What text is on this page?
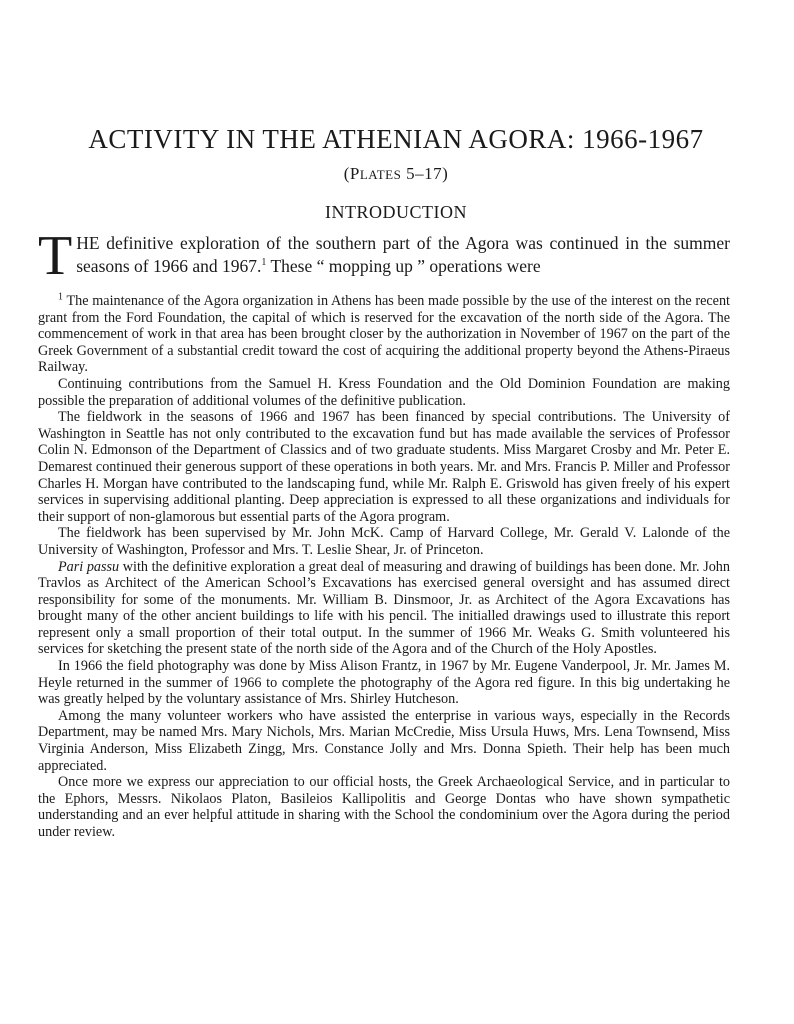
ACTIVITY IN THE ATHENIAN AGORA: 1966-1967
(PLATES 5–17)
INTRODUCTION
THE definitive exploration of the southern part of the Agora was continued in the summer seasons of 1966 and 1967.$^1$ These “ mopping up ” operations were

$^1$ The maintenance of the Agora organization in Athens has been made possible by the use of the interest on the recent grant from the Ford Foundation, the capital of which is reserved for the excavation of the north side of the Agora. The commencement of work in that area has been brought closer by the authorization in November of 1967 on the part of the Greek Government of a substantial credit toward the cost of acquiring the additional property beyond the Athens-Piraeus Railway.

Continuing contributions from the Samuel H. Kress Foundation and the Old Dominion Foundation are making possible the preparation of additional volumes of the definitive publication.

The fieldwork in the seasons of 1966 and 1967 has been financed by special contributions. The University of Washington in Seattle has not only contributed to the excavation fund but has made available the services of Professor Colin N. Edmonson of the Department of Classics and of two graduate students. Miss Margaret Crosby and Mr. Peter E. Demarest continued their generous support of these operations in both years. Mr. and Mrs. Francis P. Miller and Professor Charles H. Morgan have contributed to the landscaping fund, while Mr. Ralph E. Griswold has given freely of his expert services in supervising additional planting. Deep appreciation is expressed to all these organizations and individuals for their support of non-glamorous but essential parts of the Agora program.

The fieldwork has been supervised by Mr. John McK. Camp of Harvard College, Mr. Gerald V. Lalonde of the University of Washington, Professor and Mrs. T. Leslie Shear, Jr. of Princeton.

Pari passu with the definitive exploration a great deal of measuring and drawing of buildings has been done. Mr. John Travlos as Architect of the American School’s Excavations has exercised general oversight and has assumed direct responsibility for some of the monuments. Mr. William B. Dinsmoor, Jr. as Architect of the Agora Excavations has brought many of the other ancient buildings to life with his pencil. The initialled drawings used to illustrate this report represent only a small proportion of their total output. In the summer of 1966 Mr. Weaks G. Smith volunteered his services for sketching the present state of the north side of the Agora and of the Church of the Holy Apostles.

In 1966 the field photography was done by Miss Alison Frantz, in 1967 by Mr. Eugene Vanderpool, Jr. Mr. James M. Heyle returned in the summer of 1966 to complete the photography of the Agora red figure. In this big undertaking he was greatly helped by the voluntary assistance of Mrs. Shirley Hutcheson.

Among the many volunteer workers who have assisted the enterprise in various ways, especially in the Records Department, may be named Mrs. Mary Nichols, Mrs. Marian McCredie, Miss Ursula Huws, Mrs. Lena Townsend, Miss Virginia Anderson, Miss Elizabeth Zingg, Mrs. Constance Jolly and Mrs. Donna Spieth. Their help has been much appreciated.

Once more we express our appreciation to our official hosts, the Greek Archaeological Service, and in particular to the Ephors, Messrs. Nikolaos Platon, Basileios Kallipolitis and George Dontas who have shown sympathetic understanding and an ever helpful attitude in sharing with the School the condominium over the Agora during the period under review.
